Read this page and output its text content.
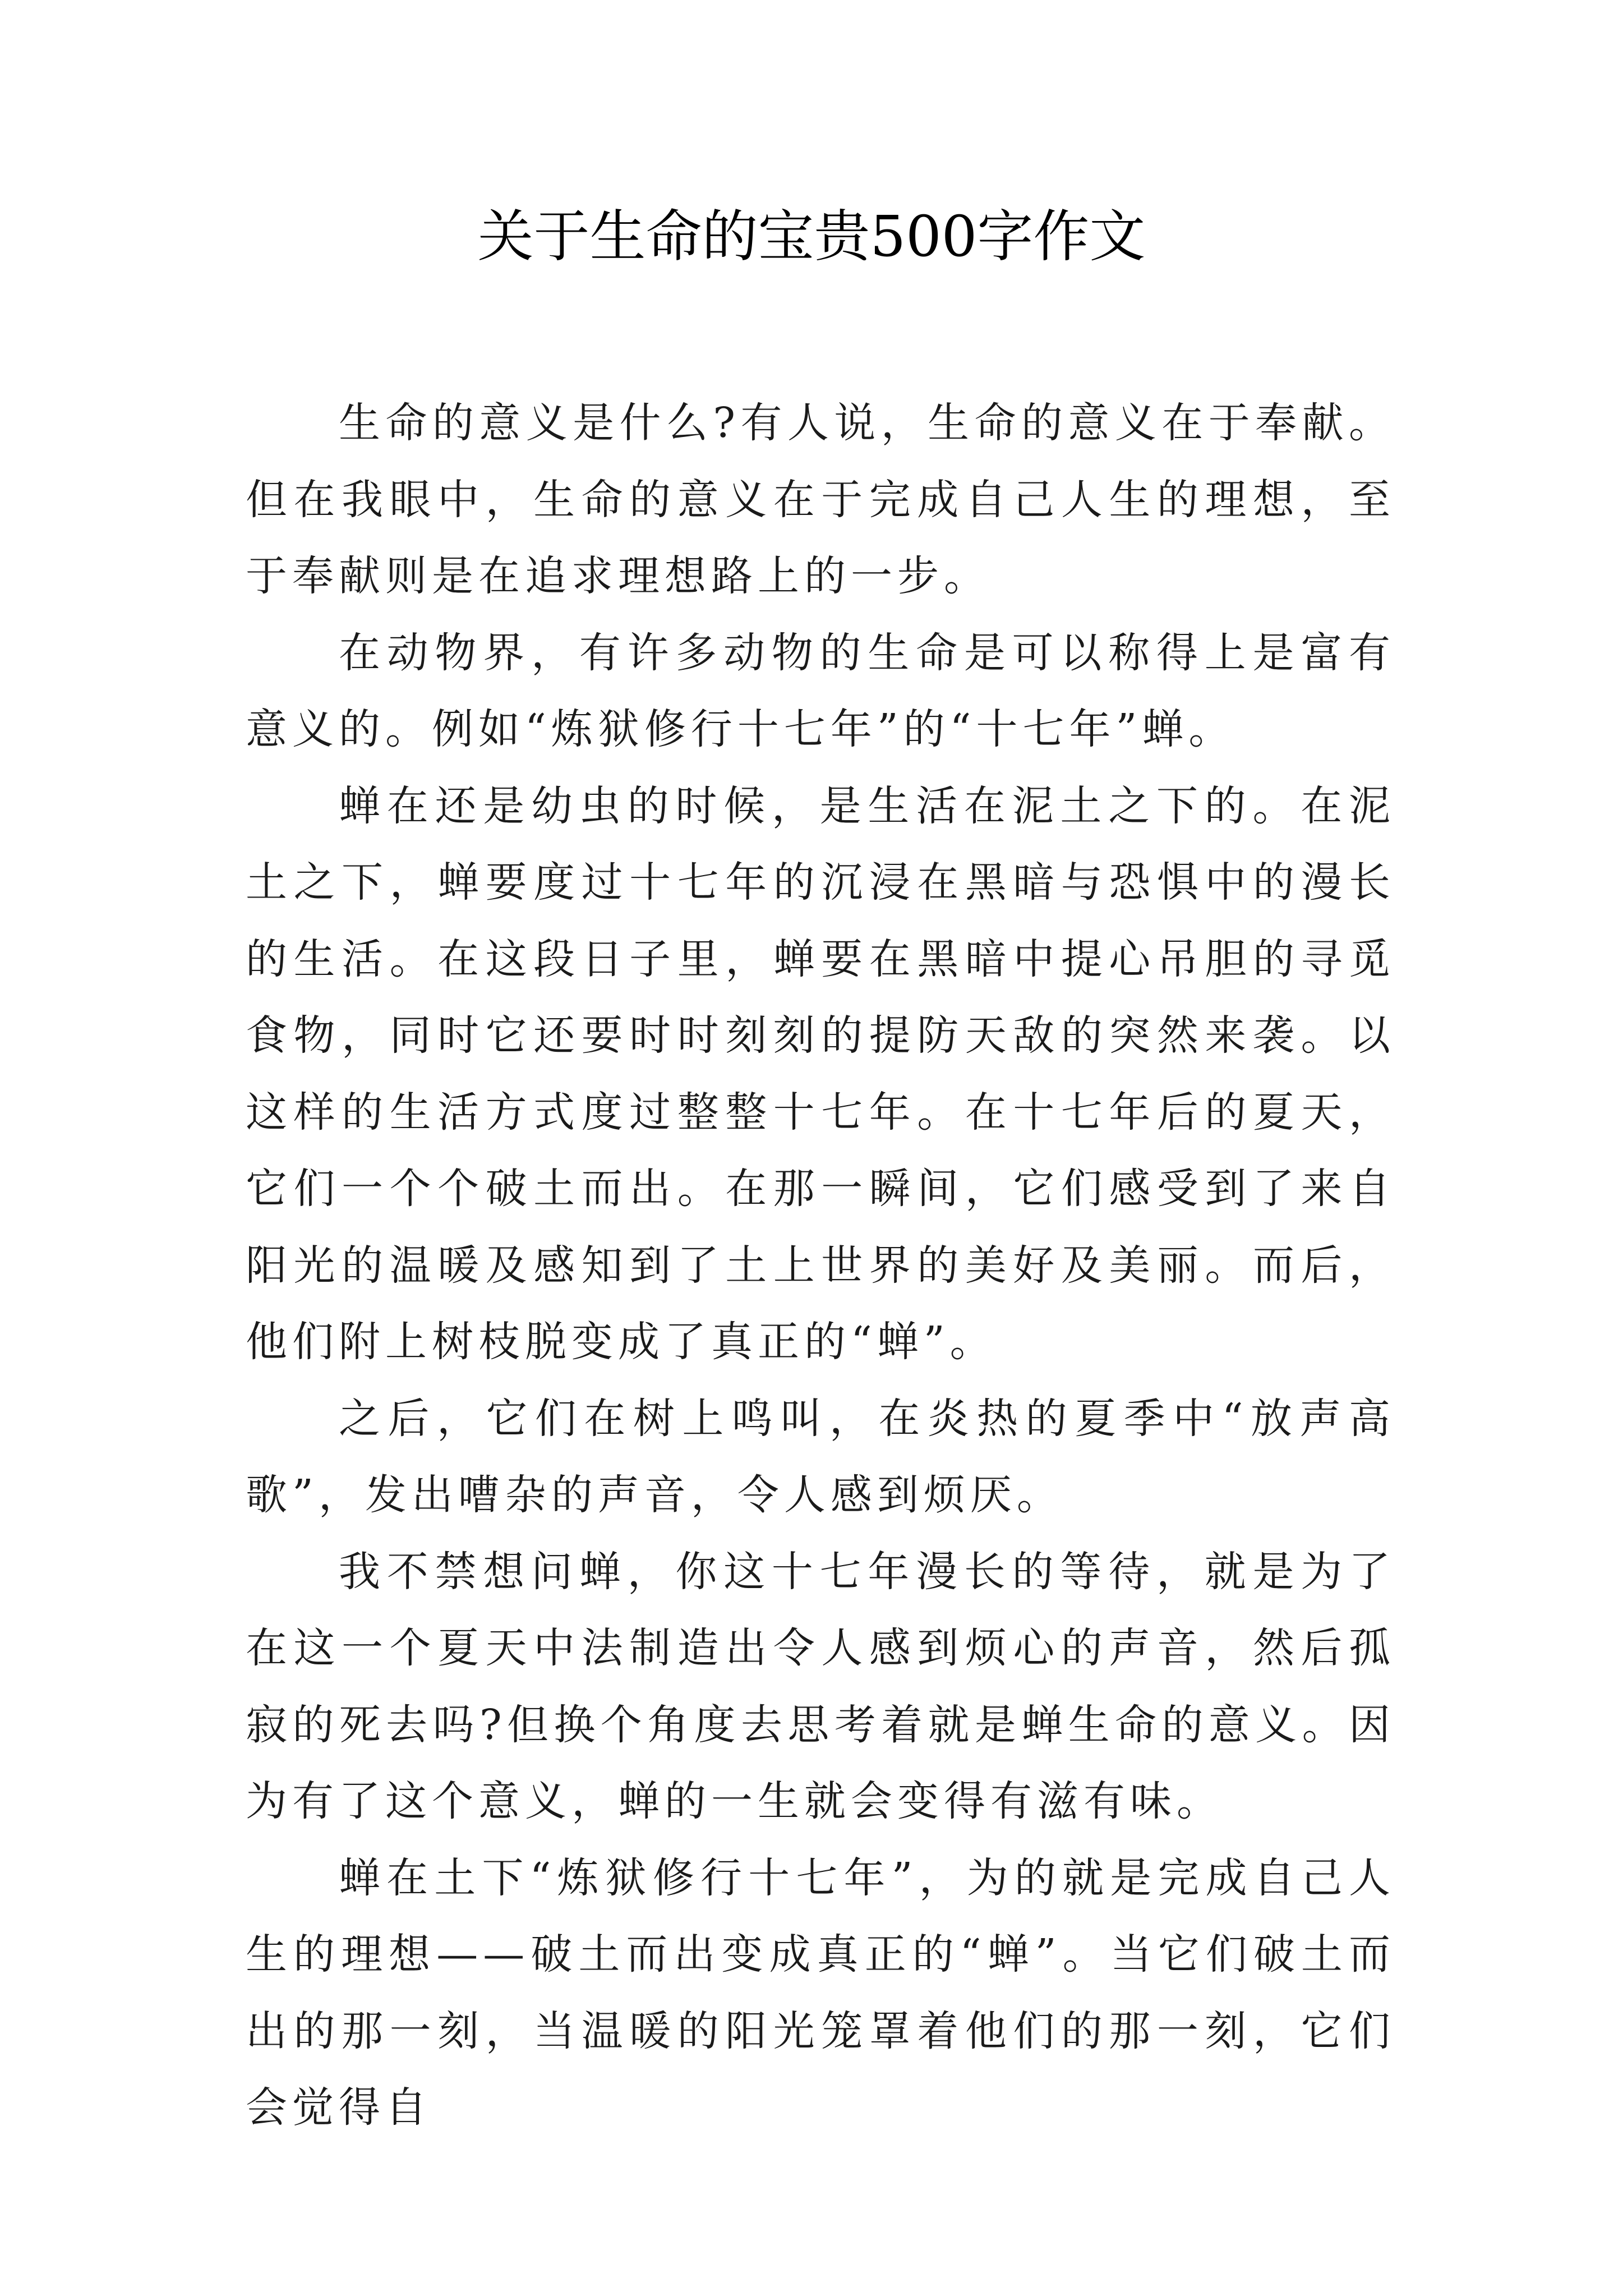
关于生命的宝贵500字作文

生命的意义是什么?有人说，生命的意义在于奉献。但在我眼中，生命的意义在于完成自己人生的理想，至于奉献则是在追求理想路上的一步。

在动物界，有许多动物的生命是可以称得上是富有意义的。例如“炼狱修行十七年”的“十七年”蝉。

蝉在还是幼虫的时候，是生活在泥土之下的。在泥土之下，蝉要度过十七年的沉浸在黑暗与恐惧中的漫长的生活。在这段日子里，蝉要在黑暗中提心吊胆的寻觅食物，同时它还要时时刻刻的提防天敌的突然来袭。以这样的生活方式度过整整十七年。在十七年后的夏天，它们一个个破土而出。在那一瞬间，它们感受到了来自阳光的温暖及感知到了土上世界的美好及美丽。而后，他们附上树枝脱变成了真正的“蝉”。

之后，它们在树上鸣叫，在炎热的夏季中“放声高歌”，发出嘈杂的声音，令人感到烦厌。

我不禁想问蝉，你这十七年漫长的等待，就是为了在这一个夏天中法制造出令人感到烦心的声音，然后孤寂的死去吗?但换个角度去思考着就是蝉生命的意义。因为有了这个意义，蝉的一生就会变得有滋有味。

蝉在土下“炼狱修行十七年”，为的就是完成自己人生的理想——破土而出变成真正的“蝉”。当它们破土而出的那一刻，当温暖的阳光笼罩着他们的那一刻，它们会觉得自
